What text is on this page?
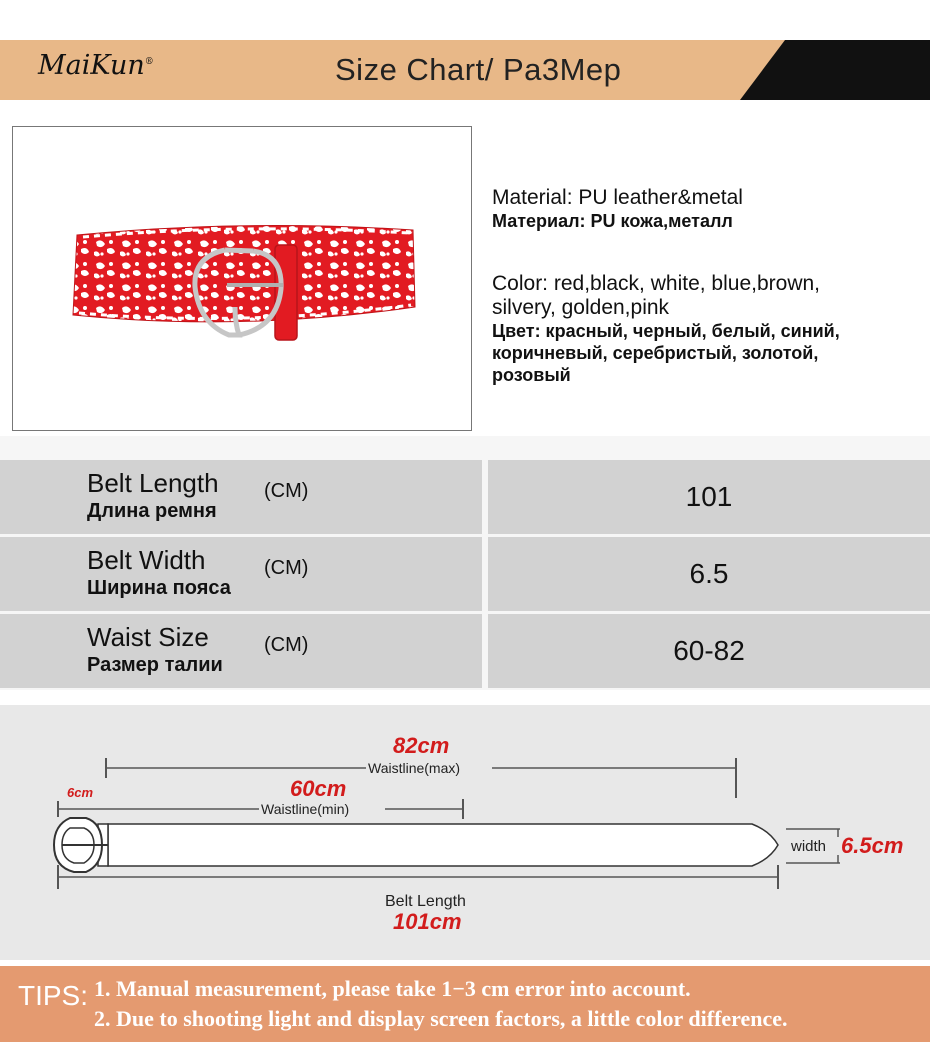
MaiKun®	Size Chart/ Pa3Mep
Material: PU leather&metal
Материал: PU кожа,металл
Color: red,black, white, blue,brown,
silvery, golden,pink
Цвет: красный, черный, белый, синий,
коричневый, серебристый, золотой,
розовый
Belt Length
Длина ремня
(CM)	101
Belt Width
Ширина пояса
(CM)	6.5
Waist Size
Размер талии
(CM)	60-82
82cm
Waistline(max)
60cm
Waistline(min)
6cm
width 6.5cm
Belt Length
101cm
TIPS: 1. Manual measurement, please take 1−3 cm error into account.
2. Due to shooting light and display screen factors, a little color difference.
